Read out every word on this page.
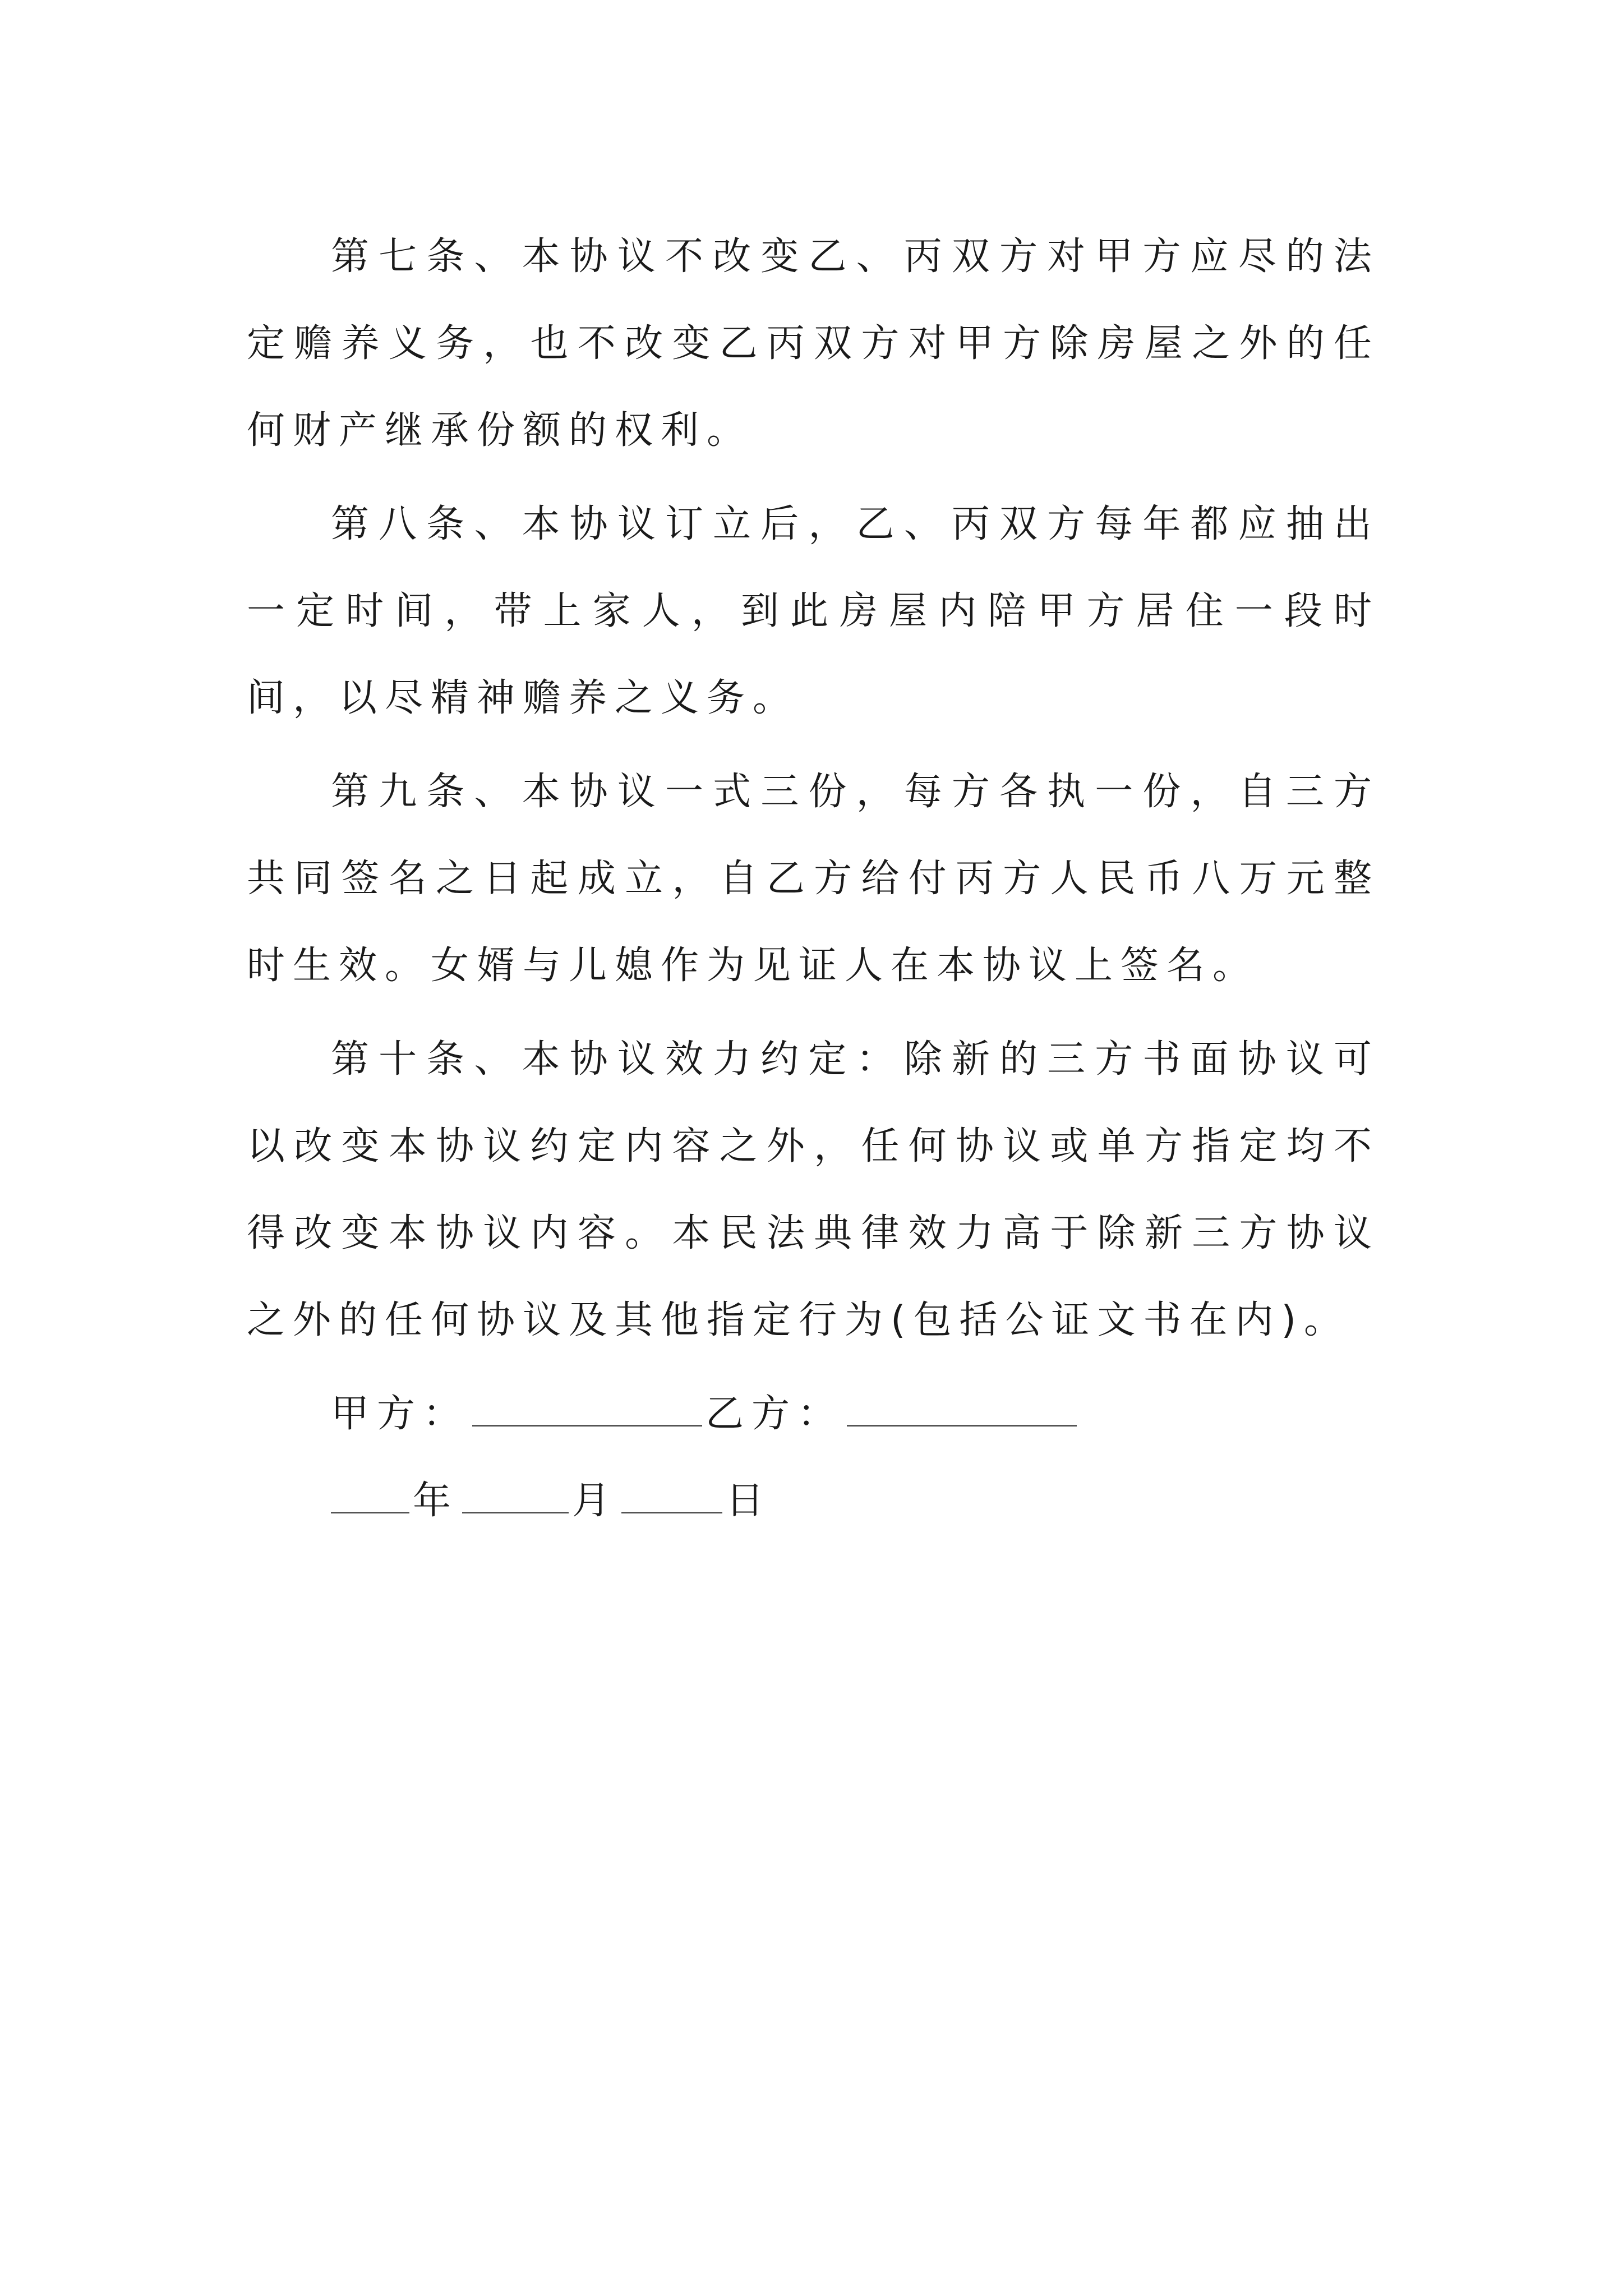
第七条、本协议不改变乙、丙双方对甲方应尽的法定赡养义务，也不改变乙丙双方对甲方除房屋之外的任何财产继承份额的权利。

第八条、本协议订立后，乙、丙双方每年都应抽出一定时间，带上家人，到此房屋内陪甲方居住一段时间，以尽精神赡养之义务。

第九条、本协议一式三份，每方各执一份，自三方共同签名之日起成立，自乙方给付丙方人民币八万元整时生效。女婿与儿媳作为见证人在本协议上签名。

第十条、本协议效力约定：除新的三方书面协议可以改变本协议约定内容之外，任何协议或单方指定均不得改变本协议内容。本民法典律效力高于除新三方协议之外的任何协议及其他指定行为(包括公证文书在内)。

甲方：	乙方：
年	月	日
